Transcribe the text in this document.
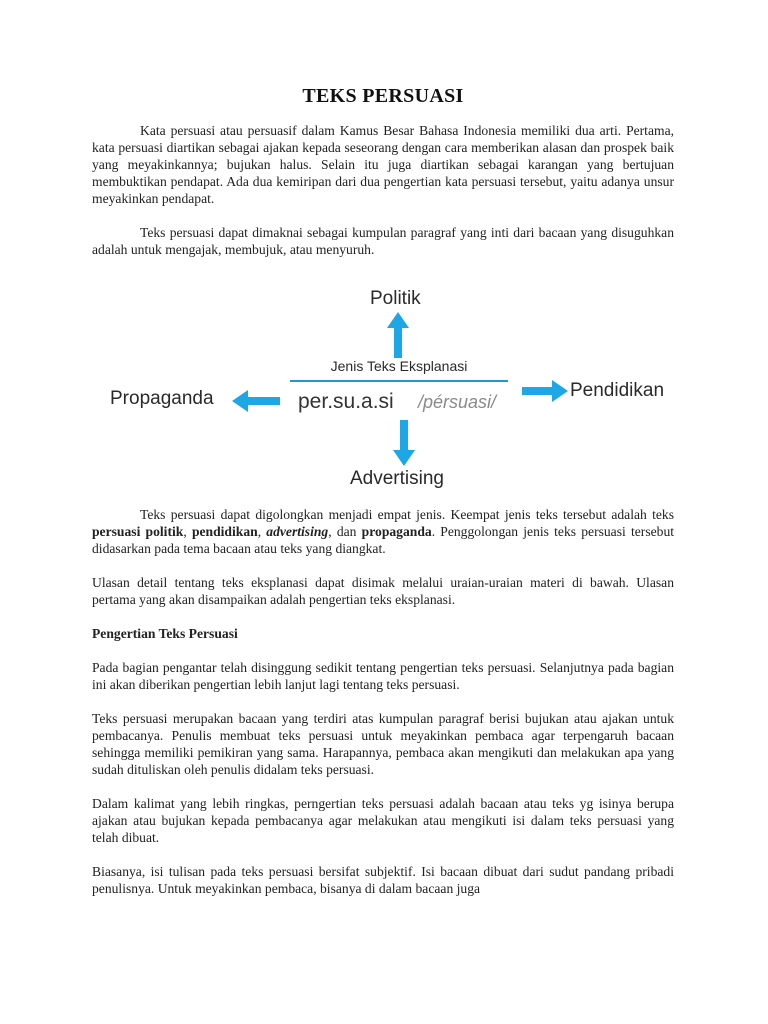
TEKS PERSUASI

Kata persuasi atau persuasif dalam Kamus Besar Bahasa Indonesia memiliki dua arti. Pertama, kata persuasi diartikan sebagai ajakan kepada seseorang dengan cara memberikan alasan dan prospek baik yang meyakinkannya; bujukan halus. Selain itu juga diartikan sebagai karangan yang bertujuan membuktikan pendapat. Ada dua kemiripan dari dua pengertian kata persuasi tersebut, yaitu adanya unsur meyakinkan pendapat.

Teks persuasi dapat dimaknai sebagai kumpulan paragraf yang inti dari bacaan yang disuguhkan adalah untuk mengajak, membujuk, atau menyuruh.

Teks persuasi dapat digolongkan menjadi empat jenis. Keempat jenis teks tersebut adalah teks persuasi politik, pendidikan, advertising, dan propaganda. Penggolongan jenis teks persuasi tersebut didasarkan pada tema bacaan atau teks yang diangkat.

Ulasan detail tentang teks eksplanasi dapat disimak melalui uraian-uraian materi di bawah. Ulasan pertama yang akan disampaikan adalah pengertian teks eksplanasi.

Pengertian Teks Persuasi

Pada bagian pengantar telah disinggung sedikit tentang pengertian teks persuasi. Selanjutnya pada bagian ini akan diberikan pengertian lebih lanjut lagi tentang teks persuasi.

Teks persuasi merupakan bacaan yang terdiri atas kumpulan paragraf berisi bujukan atau ajakan untuk pembacanya. Penulis membuat teks persuasi untuk meyakinkan pembaca agar terpengaruh bacaan sehingga memiliki pemikiran yang sama. Harapannya, pembaca akan mengikuti dan melakukan apa yang sudah dituliskan oleh penulis didalam teks persuasi.

Dalam kalimat yang lebih ringkas, perngertian teks persuasi adalah bacaan atau teks yg isinya berupa ajakan atau bujukan kepada pembacanya agar melakukan atau mengikuti isi dalam teks persuasi yang telah dibuat.

Biasanya, isi tulisan pada teks persuasi bersifat subjektif. Isi bacaan dibuat dari sudut pandang pribadi penulisnya. Untuk meyakinkan pembaca, bisanya di dalam bacaan juga

Politik
Propaganda
Jenis Teks Eksplanasi
per.su.a.si /pérsuasi/
Pendidikan
Advertising
